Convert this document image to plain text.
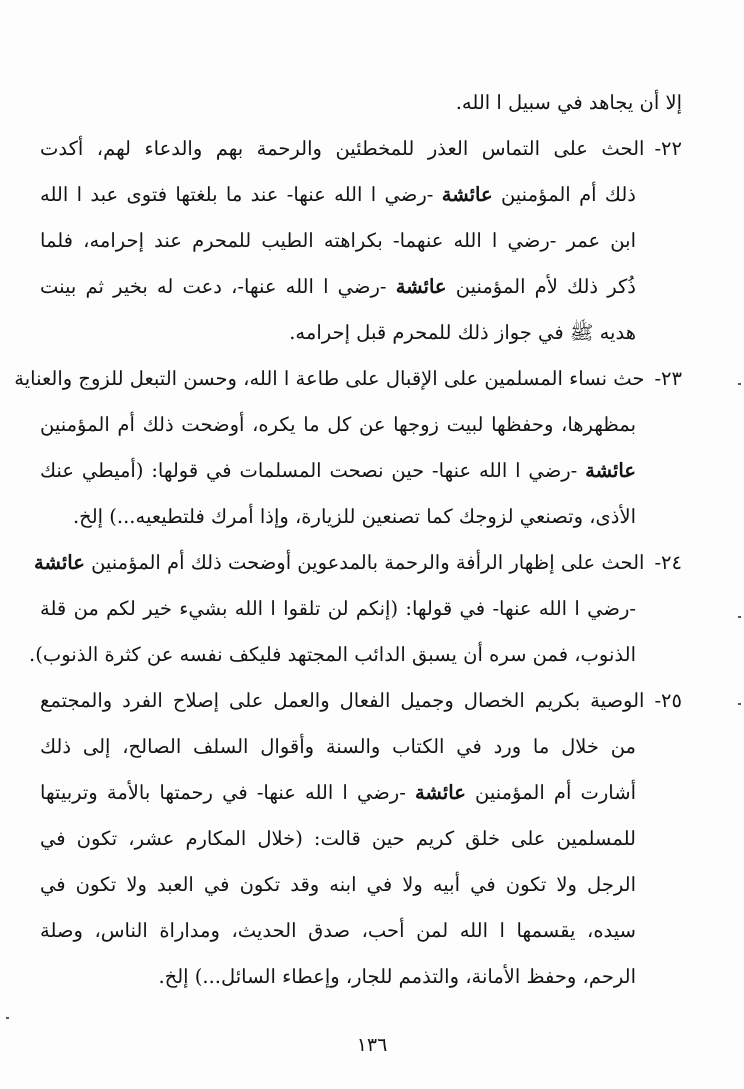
إلا أن يجاهد في سبيل ا الله.
٢٢-الحث على التماس العذر للمخطئين والرحمة بهم والدعاء لهم، أكدت
ذلك أم المؤمنين عائشة -رضي ا الله عنها- عند ما بلغتها فتوى عبد ا الله
ابن عمر -رضي ا الله عنهما- بكراهته الطيب للمحرم عند إحرامه، فلما
ذُكر ذلك لأم المؤمنين عائشة -رضي ا الله عنها-، دعت له بخير ثم بينت
هديه ﷺ في جواز ذلك للمحرم قبل إحرامه.
٢٣-حث نساء المسلمين على الإقبال على طاعة ا الله، وحسن التبعل للزوج والعناية
بمظهرها، وحفظها لبيت زوجها عن كل ما يكره، أوضحت ذلك أم المؤمنين
عائشة -رضي ا الله عنها- حين نصحت المسلمات في قولها: (أميطي عنك
الأذى، وتصنعي لزوجك كما تصنعين للزيارة، وإذا أمرك فلتطيعيه...) إلخ.
٢٤-الحث على إظهار الرأفة والرحمة بالمدعوين أوضحت ذلك أم المؤمنين عائشة
-رضي ا الله عنها- في قولها: (إنكم لن تلقوا ا الله بشيء خير لكم من قلة
الذنوب، فمن سره أن يسبق الدائب المجتهد فليكف نفسه عن كثرة الذنوب).
٢٥-الوصية بكريم الخصال وجميل الفعال والعمل على إصلاح الفرد والمجتمع
من خلال ما ورد في الكتاب والسنة وأقوال السلف الصالح، إلى ذلك
أشارت أم المؤمنين عائشة -رضي ا الله عنها- في رحمتها بالأمة وتربيتها
للمسلمين على خلق كريم حين قالت: (خلال المكارم عشر، تكون في
الرجل ولا تكون في أبيه ولا في ابنه وقد تكون في العبد ولا تكون في
سيده، يقسمها ا الله لمن أحب، صدق الحديث، ومداراة الناس، وصلة
الرحم، وحفظ الأمانة، والتذمم للجار، وإعطاء السائل...) إلخ.
١٣٦
